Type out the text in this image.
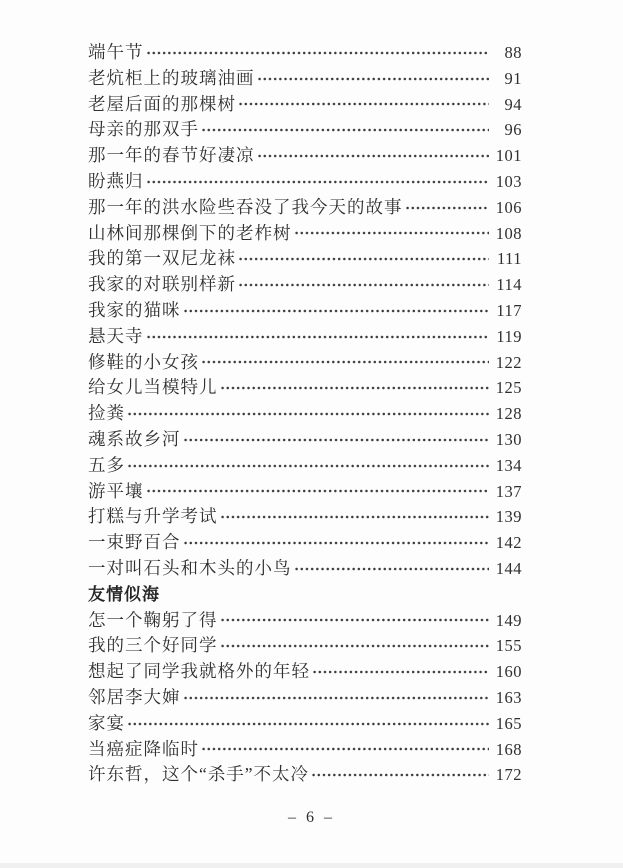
端午节	88
老炕柜上的玻璃油画	91
老屋后面的那棵树	94
母亲的那双手	96
那一年的春节好凄凉	101
盼燕归	103
那一年的洪水险些吞没了我今天的故事	106
山林间那棵倒下的老柞树	108
我的第一双尼龙袜	111
我家的对联别样新	114
我家的猫咪	117
悬天寺	119
修鞋的小女孩	122
给女儿当模特儿	125
捡粪	128
魂系故乡河	130
五多	134
游平壤	137
打糕与升学考试	139
一束野百合	142
一对叫石头和木头的小鸟	144
友情似海
怎一个鞠躬了得	149
我的三个好同学	155
想起了同学我就格外的年轻	160
邻居李大婶	163
家宴	165
当癌症降临时	168
许东哲，这个“杀手”不太冷	172
– 6 –
